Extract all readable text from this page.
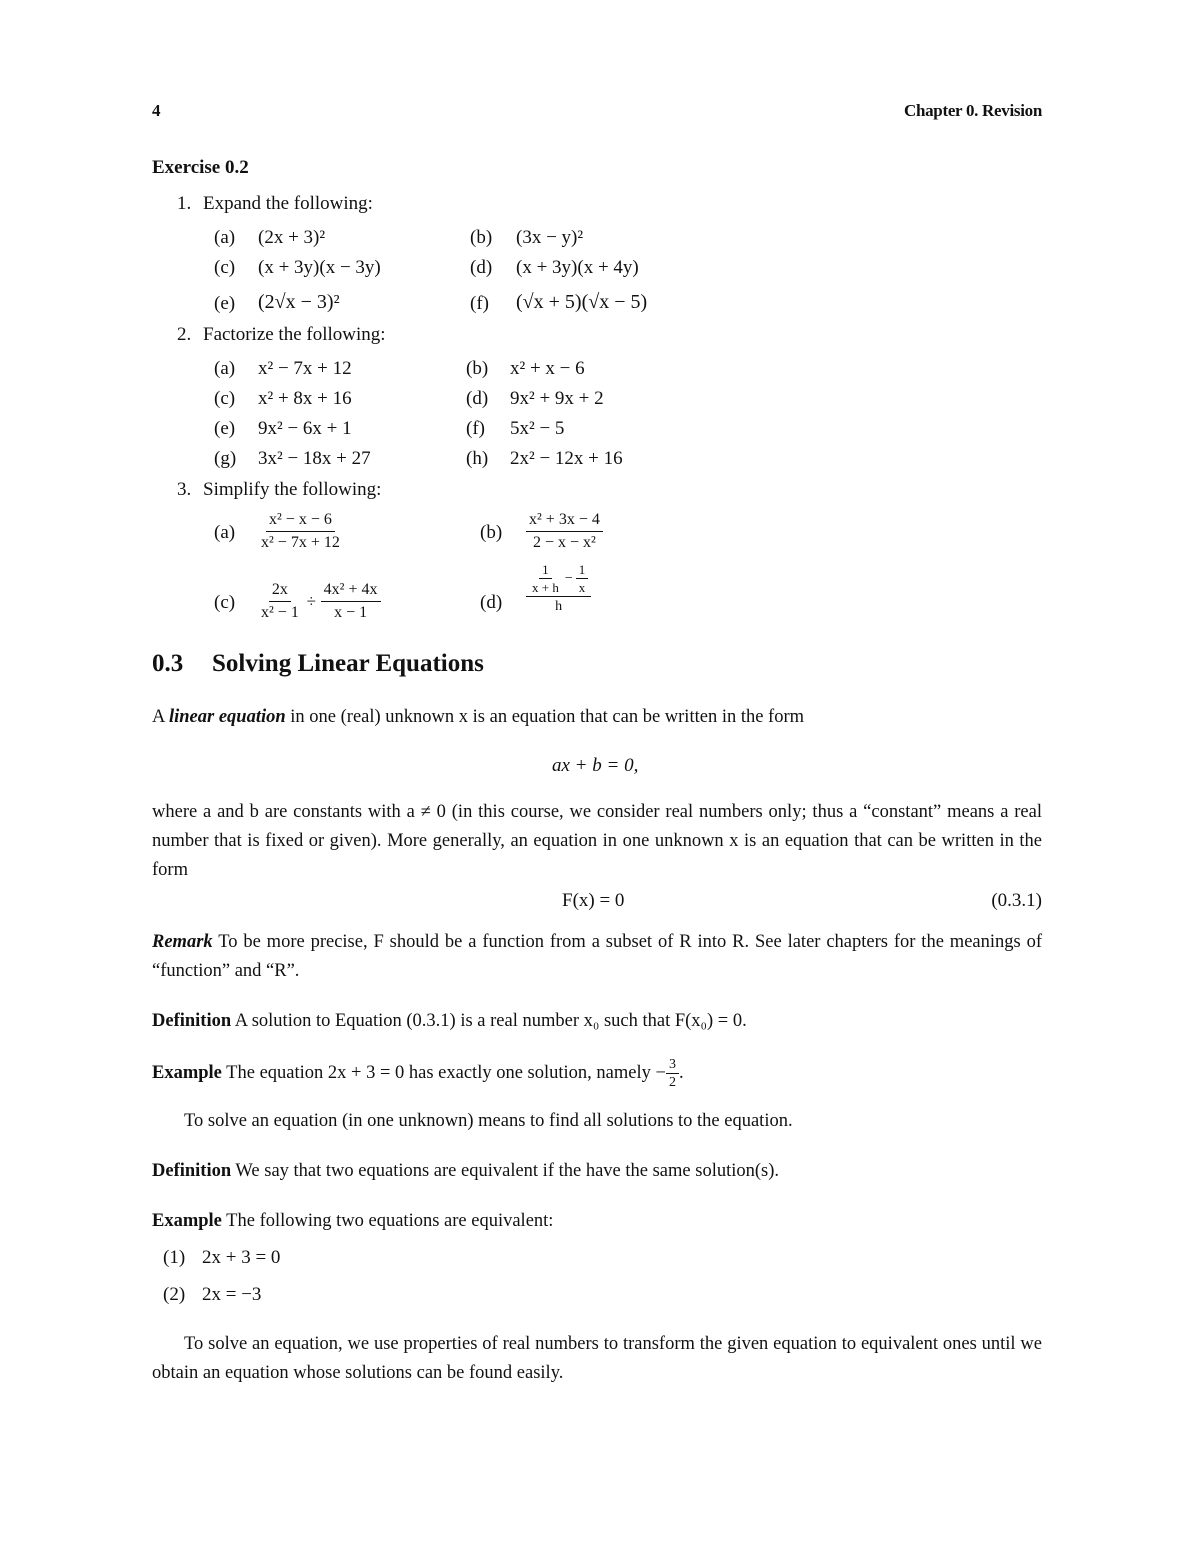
4	Chapter 0. Revision
Exercise 0.2
1. Expand the following:
(a) (2x + 3)²	(b) (3x − y)²
(c) (x + 3y)(x − 3y)	(d) (x + 3y)(x + 4y)
(e) (2√x − 3)²	(f) (√x + 5)(√x − 5)
2. Factorize the following:
(a) x² − 7x + 12	(b) x² + x − 6
(c) x² + 8x + 16	(d) 9x² + 9x + 2
(e) 9x² − 6x + 1	(f) 5x² − 5
(g) 3x² − 18x + 27	(h) 2x² − 12x + 16
3. Simplify the following:
$(a) \frac{\text{x² − x − 6}}{\text{x² − 7x + 12}}$	$(b) \frac{\text{x² + 3x − 4}}{\text{2 − x − x²}}$
$(c) \frac{2x}{\text{x² − 1}} \div \frac{\text{4x² + 4x}}{x - 1}$	$(d) \frac{\frac{1}{x + h} - \frac{1}{x}}{h}$
0.3 Solving Linear Equations
A linear equation in one (real) unknown x is an equation that can be written in the form
ax + b = 0,
where a and b are constants with a ≠ 0 (in this course, we consider real numbers only; thus a “constant” means a real number that is fixed or given). More generally, an equation in one unknown x is an equation that can be written in the form
F(x) = 0	(0.3.1)
Remark To be more precise, F should be a function from a subset of R into R. See later chapters for the meanings of “function” and “R”.
Definition A solution to Equation (0.3.1) is a real number x₀ such that F(x₀) = 0.
Example The equation 2x + 3 = 0 has exactly one solution, namely − $\frac{3}{2}$ .
To solve an equation (in one unknown) means to find all solutions to the equation.
Definition We say that two equations are equivalent if the have the same solution(s).
Example The following two equations are equivalent:
(1) 2x + 3 = 0
(2) 2x = −3
To solve an equation, we use properties of real numbers to transform the given equation to equivalent ones until we obtain an equation whose solutions can be found easily.
